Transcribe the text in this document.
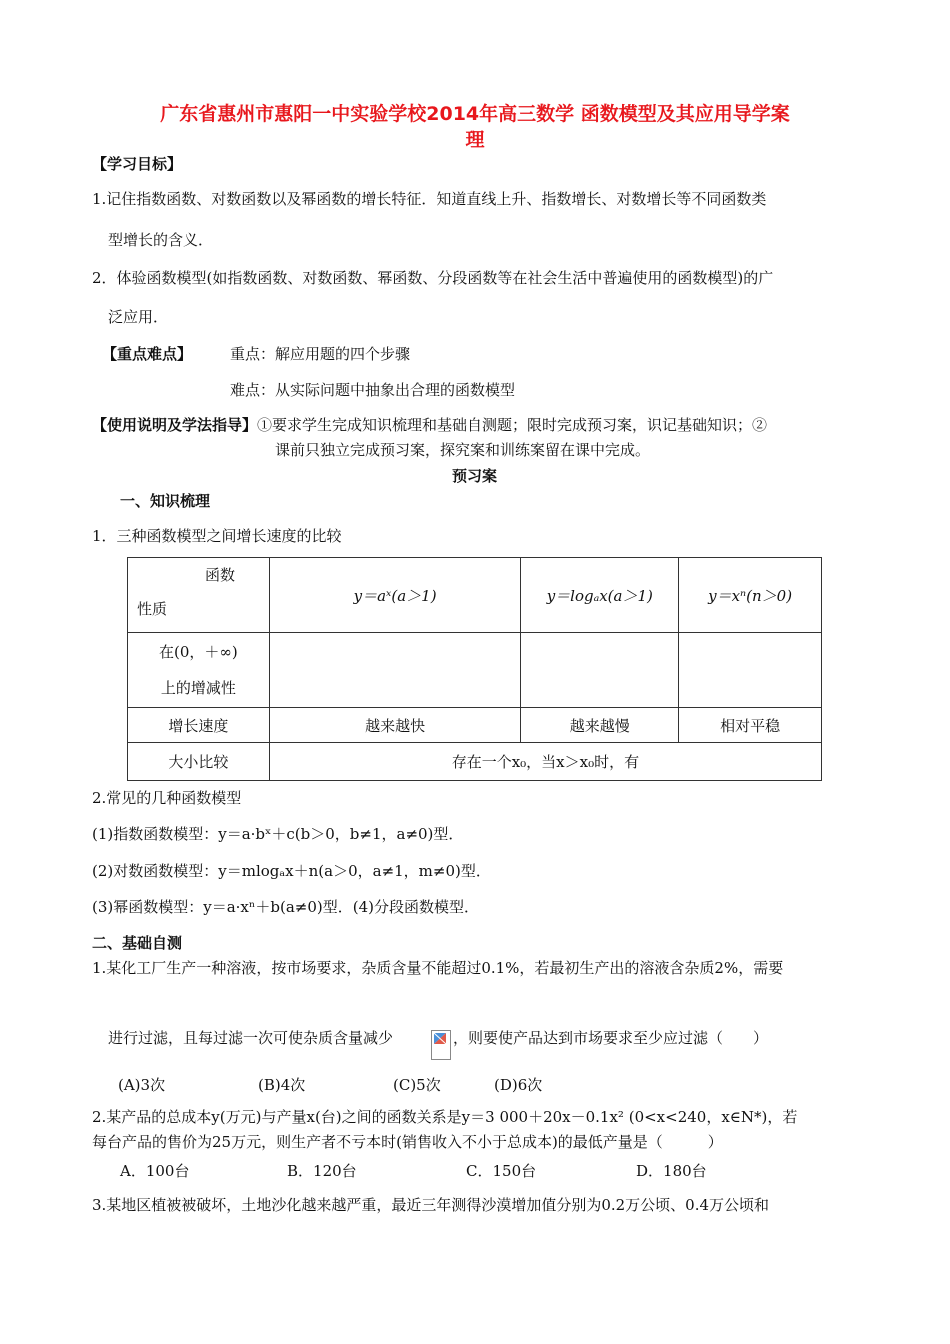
广东省惠州市惠阳一中实验学校2014年高三数学 函数模型及其应用导学案
理
【学习目标】
1.记住指数函数、对数函数以及幂函数的增长特征．知道直线上升、指数增长、对数增长等不同函数类
型增长的含义．
2．体验函数模型(如指数函数、对数函数、幂函数、分段函数等在社会生活中普遍使用的函数模型)的广
泛应用．
【重点难点】	重点：解应用题的四个步骤
难点：从实际问题中抽象出合理的函数模型
【使用说明及学法指导】①要求学生完成知识梳理和基础自测题；限时完成预习案，识记基础知识；②
课前只独立完成预习案，探究案和训练案留在课中完成。
预习案
一、知识梳理
1．三种函数模型之间增长速度的比较
函数
性质	y＝aˣ(a＞1)	y＝logₐx(a＞1)	y＝xⁿ(n＞0)

在(0，＋∞)
上的增减性			

增长速度	越来越快	越来越慢	相对平稳
大小比较	存在一个x₀，当x＞x₀时，有		
2.常见的几种函数模型
(1)指数函数模型：y＝a·bˣ＋c(b＞0，b≠1，a≠0)型．
(2)对数函数模型：y＝mlogₐx＋n(a＞0，a≠1，m≠0)型．
(3)幂函数模型：y＝a·xⁿ＋b(a≠0)型．(4)分段函数模型．
二、基础自测
1.某化工厂生产一种溶液，按市场要求，杂质含量不能超过0.1%，若最初生产出的溶液含杂质2%，需要
进行过滤，且每过滤一次可使杂质含量减少	，则要使产品达到市场要求至少应过滤（　　）
(A)3次	(B)4次	(C)5次	(D)6次
2.某产品的总成本y(万元)与产量x(台)之间的函数关系是y＝3 000＋20x－0.1x² (0<x<240，x∈N*)，若
每台产品的售价为25万元，则生产者不亏本时(销售收入不小于总成本)的最低产量是（　　　）
A．100台	B．120台	C．150台	D．180台
3.某地区植被被破坏，土地沙化越来越严重，最近三年测得沙漠增加值分别为0.2万公顷、0.4万公顷和
